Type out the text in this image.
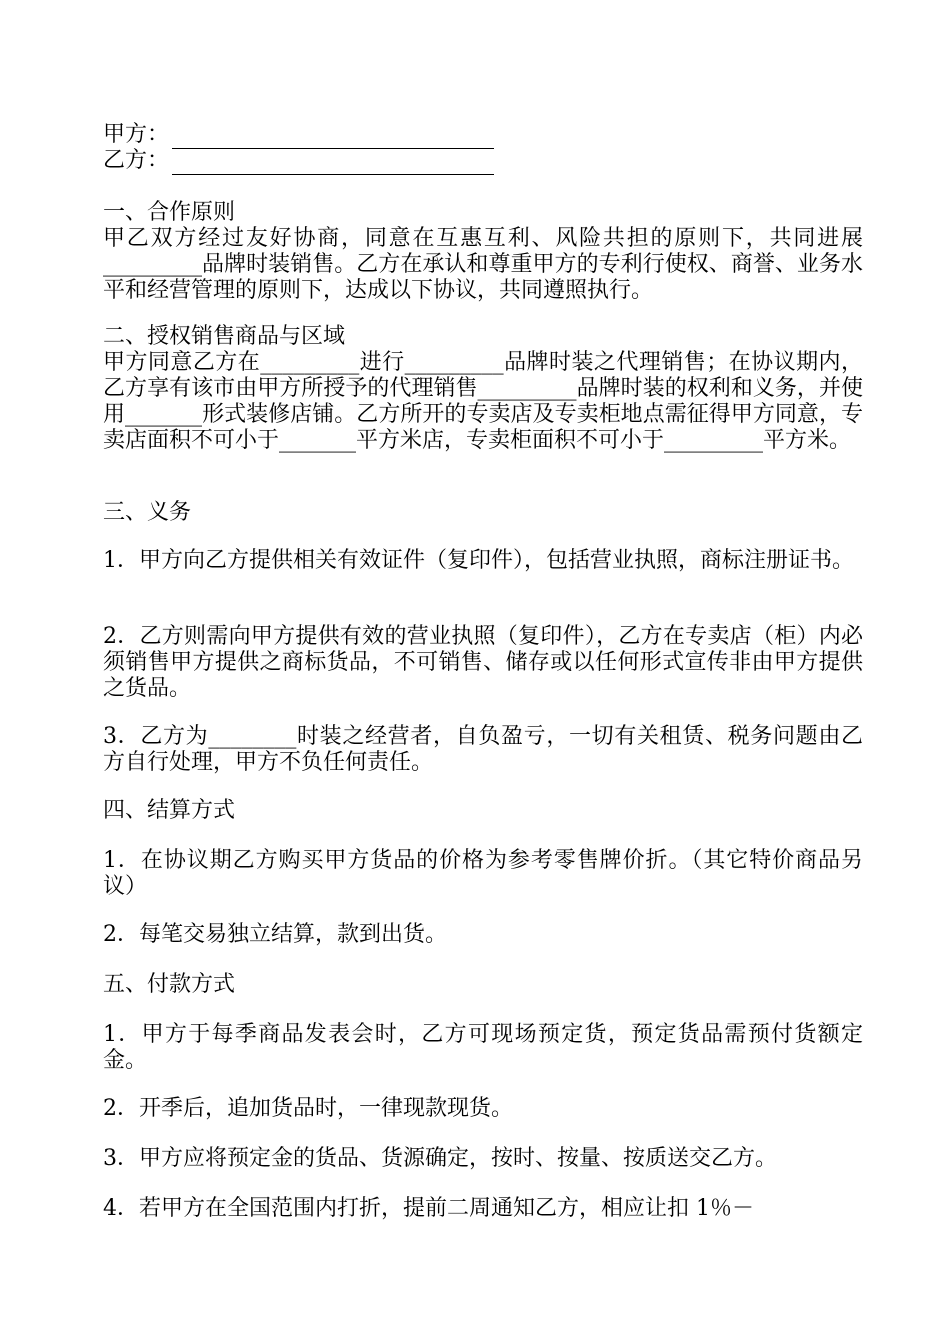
甲方：
乙方：
一、合作原则
甲乙双方经过友好协商，同意在互惠互利、风险共担的原则下，共同进展_________品牌时装销售。乙方在承认和尊重甲方的专利行使权、商誉、业务水平和经营管理的原则下，达成以下协议，共同遵照执行。
二、授权销售商品与区域
甲方同意乙方在_________进行_________品牌时装之代理销售；在协议期内，乙方享有该市由甲方所授予的代理销售_________品牌时装的权利和义务，并使用_______形式装修店铺。乙方所开的专卖店及专卖柜地点需征得甲方同意，专卖店面积不可小于_______平方米店，专卖柜面积不可小于_________平方米。
三、义务
1．甲方向乙方提供相关有效证件（复印件），包括营业执照，商标注册证书。
2．乙方则需向甲方提供有效的营业执照（复印件），乙方在专卖店（柜）内必须销售甲方提供之商标货品，不可销售、储存或以任何形式宣传非由甲方提供之货品。
3．乙方为________时装之经营者，自负盈亏，一切有关租赁、税务问题由乙方自行处理，甲方不负任何责任。
四、结算方式
1．在协议期乙方购买甲方货品的价格为参考零售牌价折。（其它特价商品另议）
2．每笔交易独立结算，款到出货。
五、付款方式
1．甲方于每季商品发表会时，乙方可现场预定货，预定货品需预付货额定金。
2．开季后，追加货品时，一律现款现货。
3．甲方应将预定金的货品、货源确定，按时、按量、按质送交乙方。
4．若甲方在全国范围内打折，提前二周通知乙方，相应让扣 1％－
